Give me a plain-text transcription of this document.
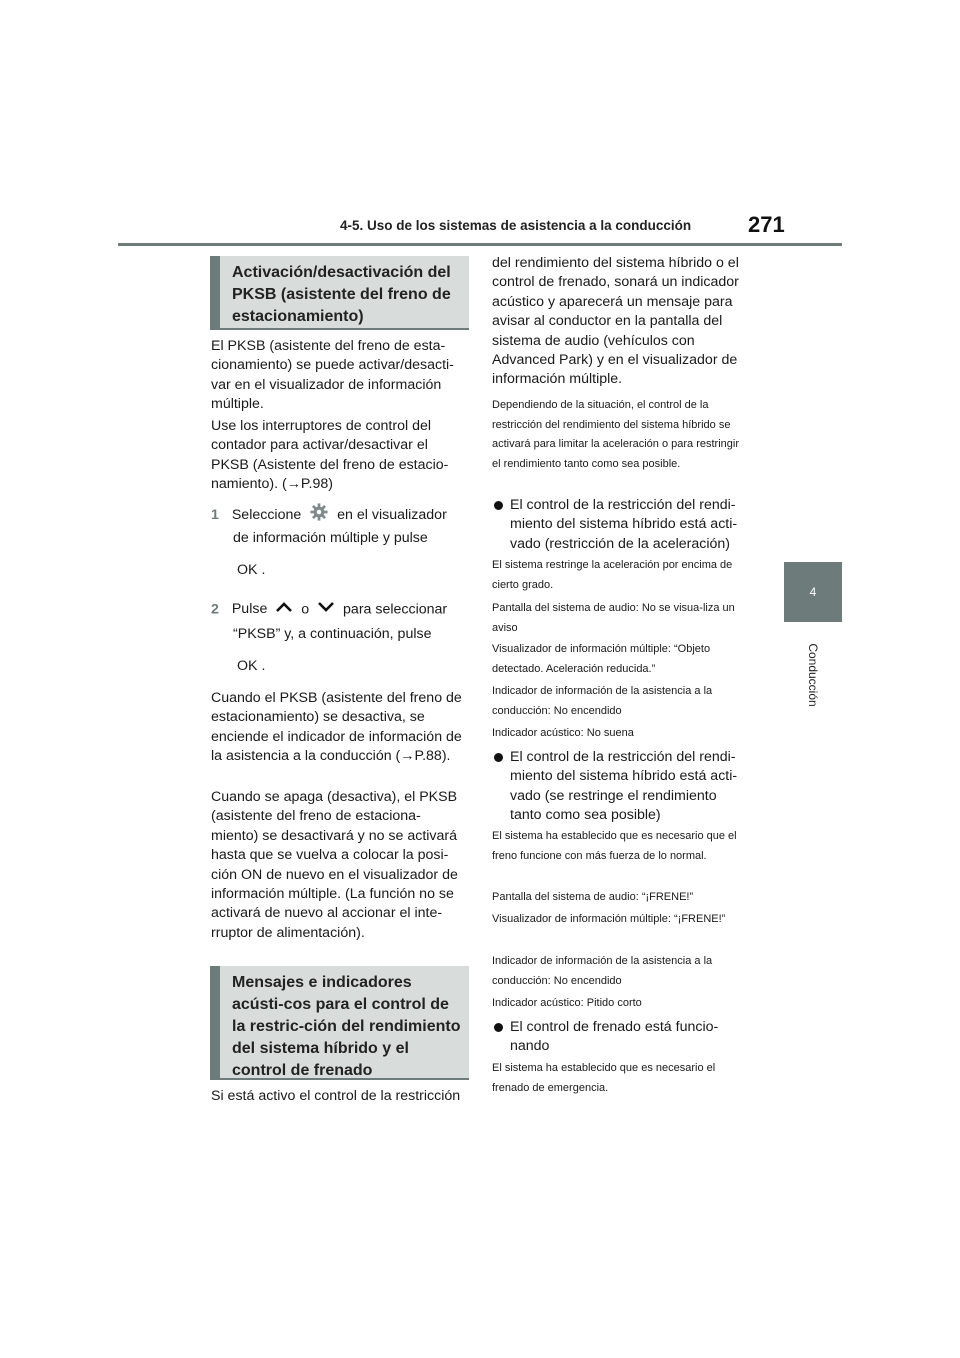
4-5. Uso de los sistemas de asistencia a la conducción	271
4
Conducción
Activación/desactivación del PKSB (asistente del freno de estacionamiento)

El PKSB (asistente del freno de esta-cionamiento) se puede activar/desacti-var en el visualizador de información múltiple.

Use los interruptores de control del contador para activar/desactivar el PKSB (Asistente del freno de estacio-namiento). (→P.98)

1 Seleccione	en el visualizador
de información múltiple y pulse
OK .
2 Pulse o para seleccionar
“PKSB” y, a continuación, pulse
OK .

Cuando el PKSB (asistente del freno de estacionamiento) se desactiva, se enciende el indicador de información de la asistencia a la conducción (→P.88).

Cuando se apaga (desactiva), el PKSB (asistente del freno de estaciona-miento) se desactivará y no se activará hasta que se vuelva a colocar la posi-ción ON de nuevo en el visualizador de información múltiple. (La función no se activará de nuevo al accionar el inte-rruptor de alimentación).

Mensajes e indicadores acústi-cos para el control de la restric-ción del rendimiento del sistema híbrido y el control de frenado

Si está activo el control de la restricción

del rendimiento del sistema híbrido o el control de frenado, sonará un indicador acústico y aparecerá un mensaje para avisar al conductor en la pantalla del sistema de audio (vehículos con Advanced Park) y en el visualizador de información múltiple.

Dependiendo de la situación, el control de la restricción del rendimiento del sistema híbrido se activará para limitar la aceleración o para restringir el rendimiento tanto como sea posible.

El control de la restricción del rendi-miento del sistema híbrido está acti-vado (restricción de la aceleración)

El sistema restringe la aceleración por encima de cierto grado.

Pantalla del sistema de audio: No se visua-liza un aviso

Visualizador de información múltiple: “Objeto detectado. Aceleración reducida.”

Indicador de información de la asistencia a la conducción: No encendido

Indicador acústico: No suena

El control de la restricción del rendi-miento del sistema híbrido está acti-vado (se restringe el rendimiento tanto como sea posible)

El sistema ha establecido que es necesario que el freno funcione con más fuerza de lo normal.

Pantalla del sistema de audio: “¡FRENE!”

Visualizador de información múltiple: “¡FRENE!”

Indicador de información de la asistencia a la conducción: No encendido

Indicador acústico: Pitido corto

El control de frenado está funcio-nando

El sistema ha establecido que es necesario el frenado de emergencia.
